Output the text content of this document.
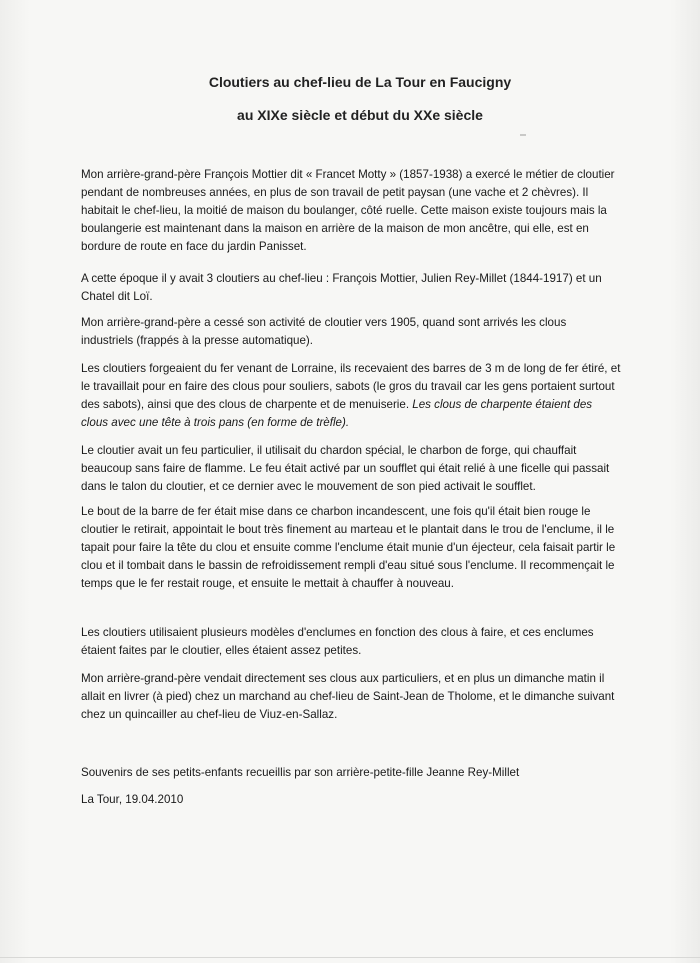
Cloutiers au chef-lieu de La Tour en Faucigny
au XIXe siècle et début du XXe siècle

Mon arrière-grand-père François Mottier dit « Francet Motty » (1857-1938) a exercé le métier de cloutier pendant de nombreuses années, en plus de son travail de petit paysan (une vache et 2 chèvres). Il habitait le chef-lieu, la moitié de maison du boulanger, côté ruelle. Cette maison existe toujours mais la boulangerie est maintenant dans la maison en arrière de la maison de mon ancêtre, qui elle, est en bordure de route en face du jardin Panisset.

A cette époque il y avait 3 cloutiers au chef-lieu : François Mottier, Julien Rey-Millet (1844-1917) et un Chatel dit Loï.

Mon arrière-grand-père a cessé son activité de cloutier vers 1905, quand sont arrivés les clous industriels (frappés à la presse automatique).

Les cloutiers forgeaient du fer venant de Lorraine, ils recevaient des barres de 3 m de long de fer étiré, et le travaillait pour en faire des clous pour souliers, sabots (le gros du travail car les gens portaient surtout des sabots), ainsi que des clous de charpente et de menuiserie. Les clous de charpente étaient des clous avec une tête à trois pans (en forme de trèfle).

Le cloutier avait un feu particulier, il utilisait du chardon spécial, le charbon de forge, qui chauffait beaucoup sans faire de flamme. Le feu était activé par un soufflet qui était relié à une ficelle qui passait dans le talon du cloutier, et ce dernier avec le mouvement de son pied activait le soufflet.

Le bout de la barre de fer était mise dans ce charbon incandescent, une fois qu'il était bien rouge le cloutier le retirait, appointait le bout très finement au marteau et le plantait dans le trou de l'enclume, il le tapait pour faire la tête du clou et ensuite comme l'enclume était munie d'un éjecteur, cela faisait partir le clou et il tombait dans le bassin de refroidissement rempli d'eau situé sous l'enclume. Il recommençait le temps que le fer restait rouge, et ensuite le mettait à chauffer à nouveau.

Les cloutiers utilisaient plusieurs modèles d'enclumes en fonction des clous à faire, et ces enclumes étaient faites par le cloutier, elles étaient assez petites.

Mon arrière-grand-père vendait directement ses clous aux particuliers, et en plus un dimanche matin il allait en livrer (à pied) chez un marchand au chef-lieu de Saint-Jean de Tholome, et le dimanche suivant chez un quincailler au chef-lieu de Viuz-en-Sallaz.

Souvenirs de ses petits-enfants recueillis par son arrière-petite-fille Jeanne Rey-Millet

La Tour, 19.04.2010
